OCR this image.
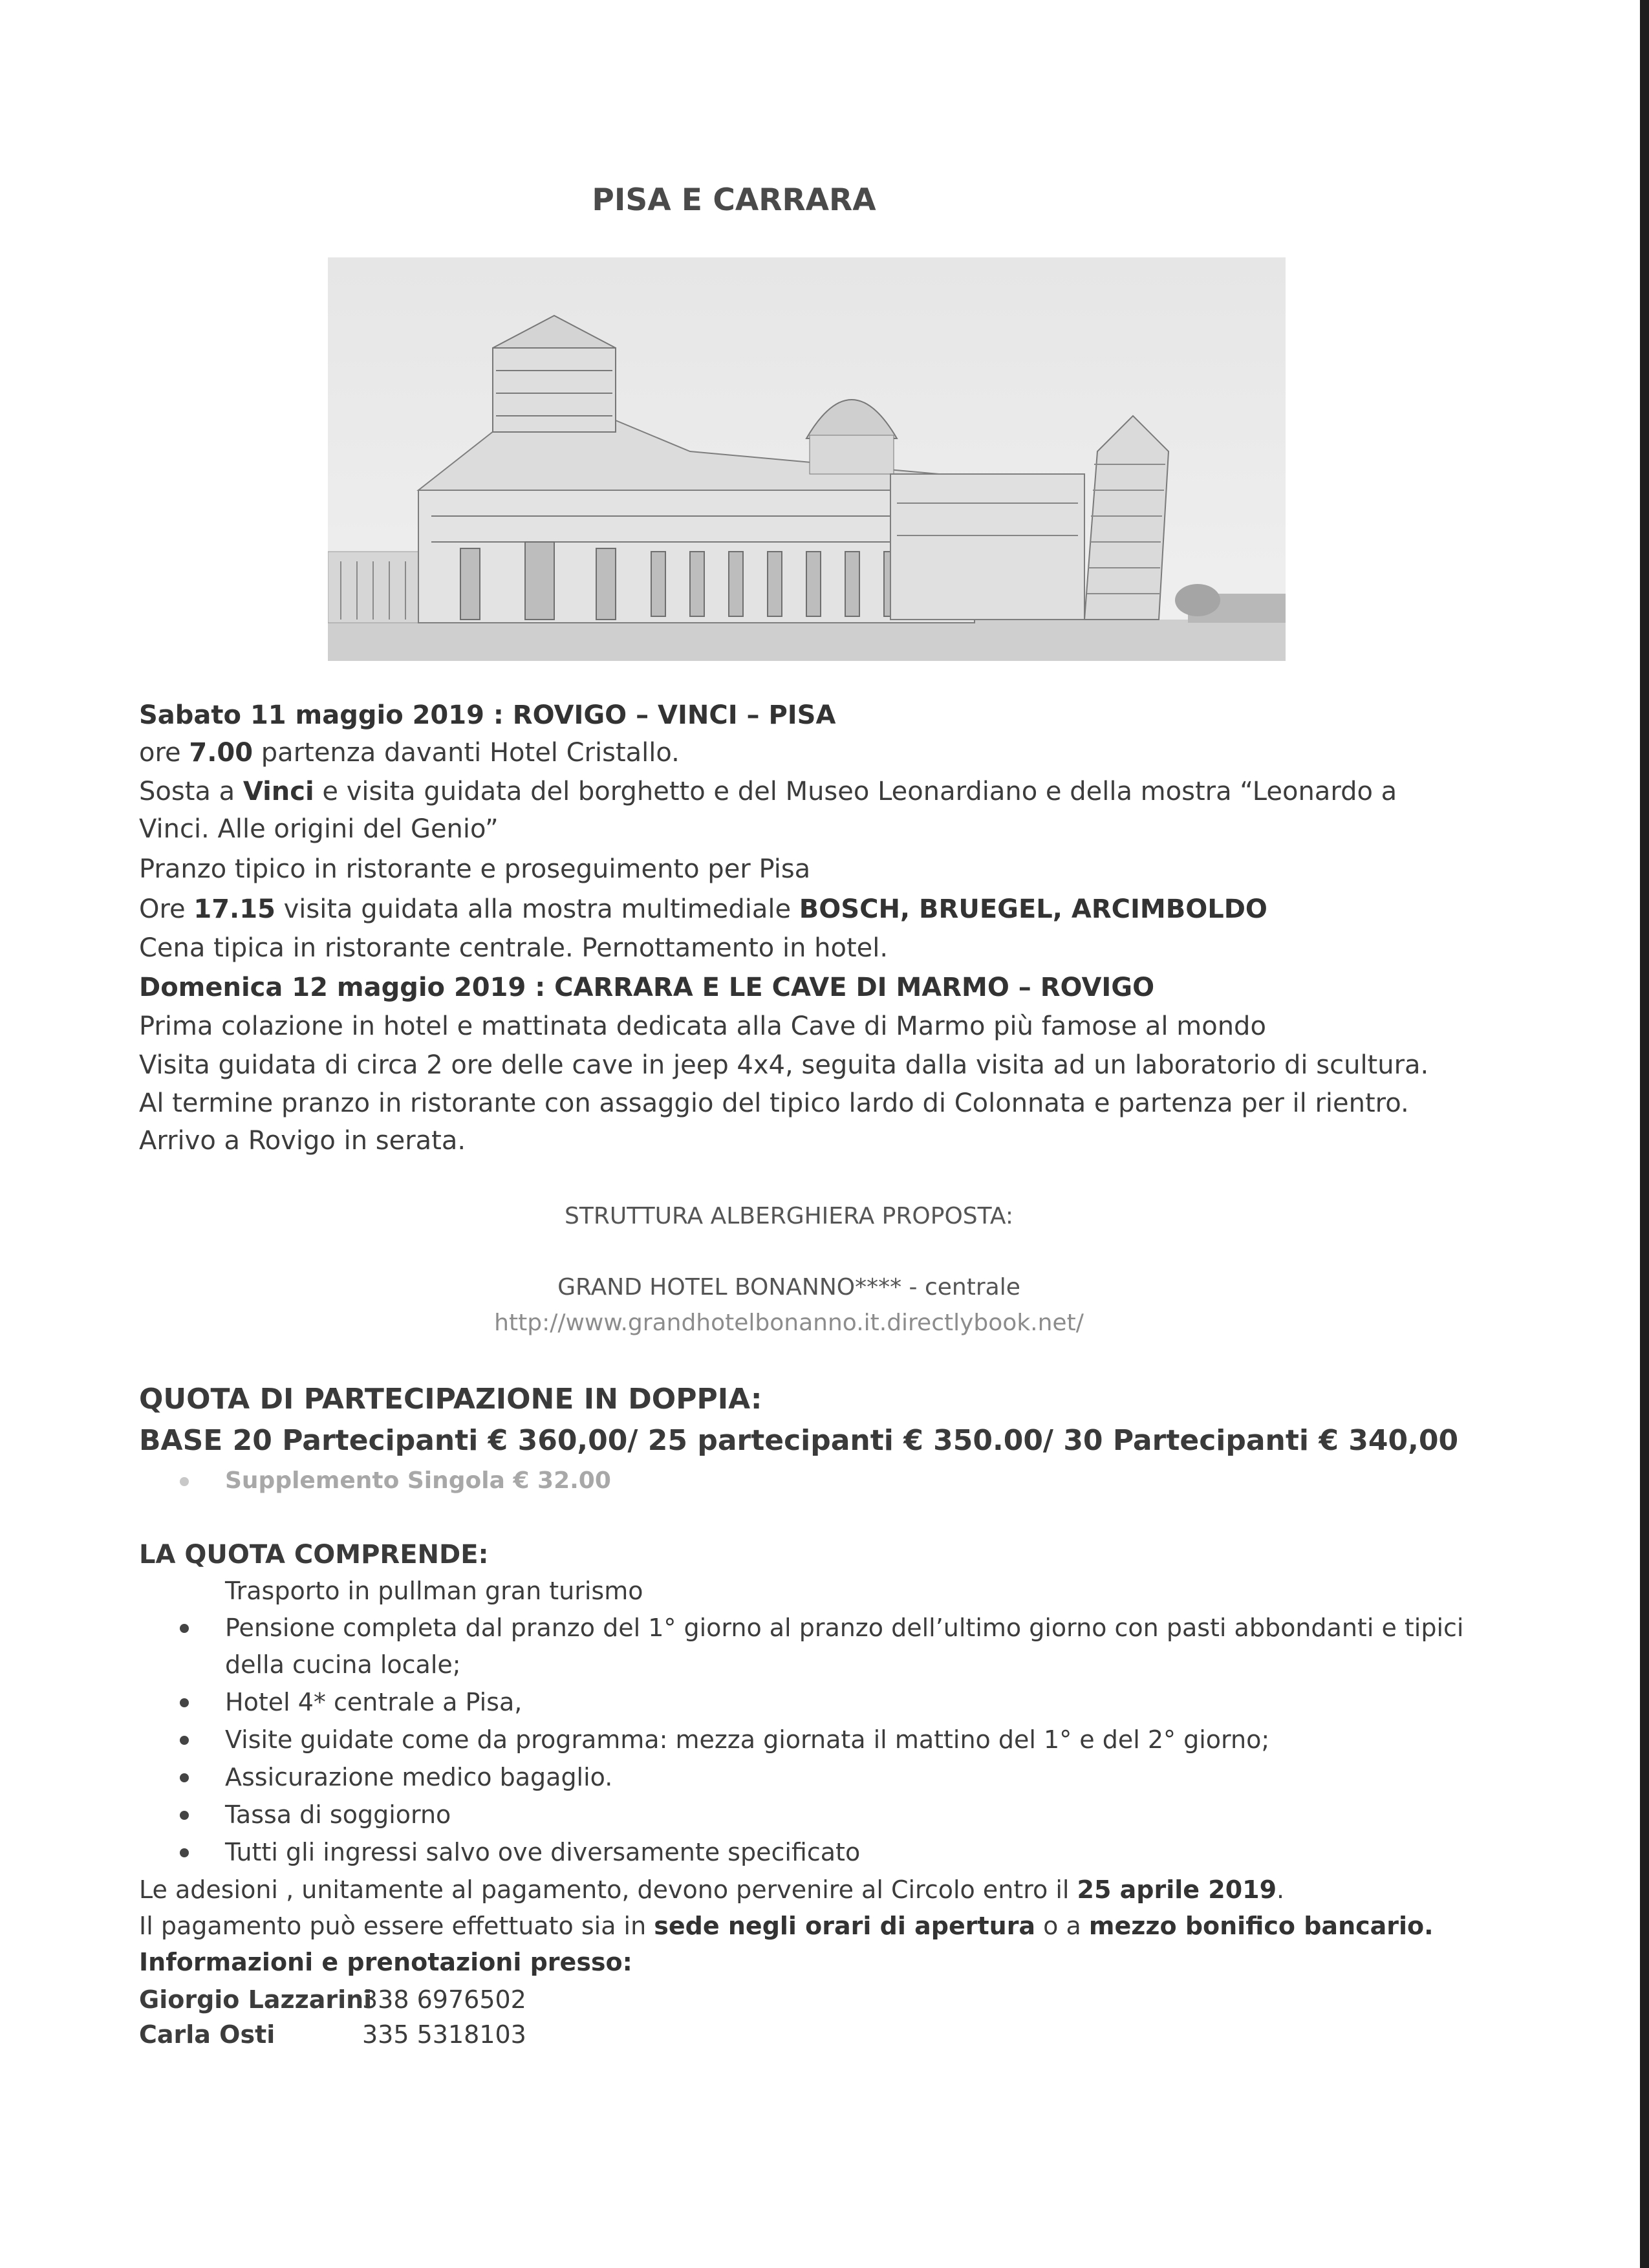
PISA E CARRARA
Sabato 11 maggio 2019 : ROVIGO – VINCI – PISA
ore 7.00 partenza davanti Hotel Cristallo.
Sosta a Vinci e visita guidata del borghetto e del Museo Leonardiano e della mostra “Leonardo a
Vinci. Alle origini del Genio”
Pranzo tipico in ristorante e proseguimento per Pisa
Ore 17.15 visita guidata alla mostra multimediale BOSCH, BRUEGEL, ARCIMBOLDO
Cena tipica in ristorante centrale. Pernottamento in hotel.
Domenica 12 maggio 2019 : CARRARA E LE CAVE DI MARMO – ROVIGO
Prima colazione in hotel e mattinata dedicata alla Cave di Marmo più famose al mondo
Visita guidata di circa 2 ore delle cave in jeep 4x4, seguita dalla visita ad un laboratorio di scultura.
Al termine pranzo in ristorante con assaggio del tipico lardo di Colonnata e partenza per il rientro.
Arrivo a Rovigo in serata.
STRUTTURA ALBERGHIERA PROPOSTA:
GRAND HOTEL BONANNO**** - centrale
http://www.grandhotelbonanno.it.directlybook.net/
QUOTA DI PARTECIPAZIONE IN DOPPIA:
BASE 20 Partecipanti € 360,00/ 25 partecipanti € 350.00/ 30 Partecipanti € 340,00
Supplemento Singola € 32.00
LA QUOTA COMPRENDE:
Trasporto in pullman gran turismo
Pensione completa dal pranzo del 1° giorno al pranzo dell’ultimo giorno con pasti abbondanti e tipici
della cucina locale;
Hotel 4* centrale a Pisa,
Visite guidate come da programma: mezza giornata il mattino del 1° e del 2° giorno;
Assicurazione medico bagaglio.
Tassa di soggiorno
Tutti gli ingressi salvo ove diversamente specificato
Le adesioni , unitamente al pagamento, devono pervenire al Circolo entro il 25 aprile 2019.
Il pagamento può essere effettuato sia in sede negli orari di apertura o a mezzo bonifico bancario.
Informazioni e prenotazioni presso:
Giorgio Lazzarini
338 6976502
Carla Osti	335 5318103
